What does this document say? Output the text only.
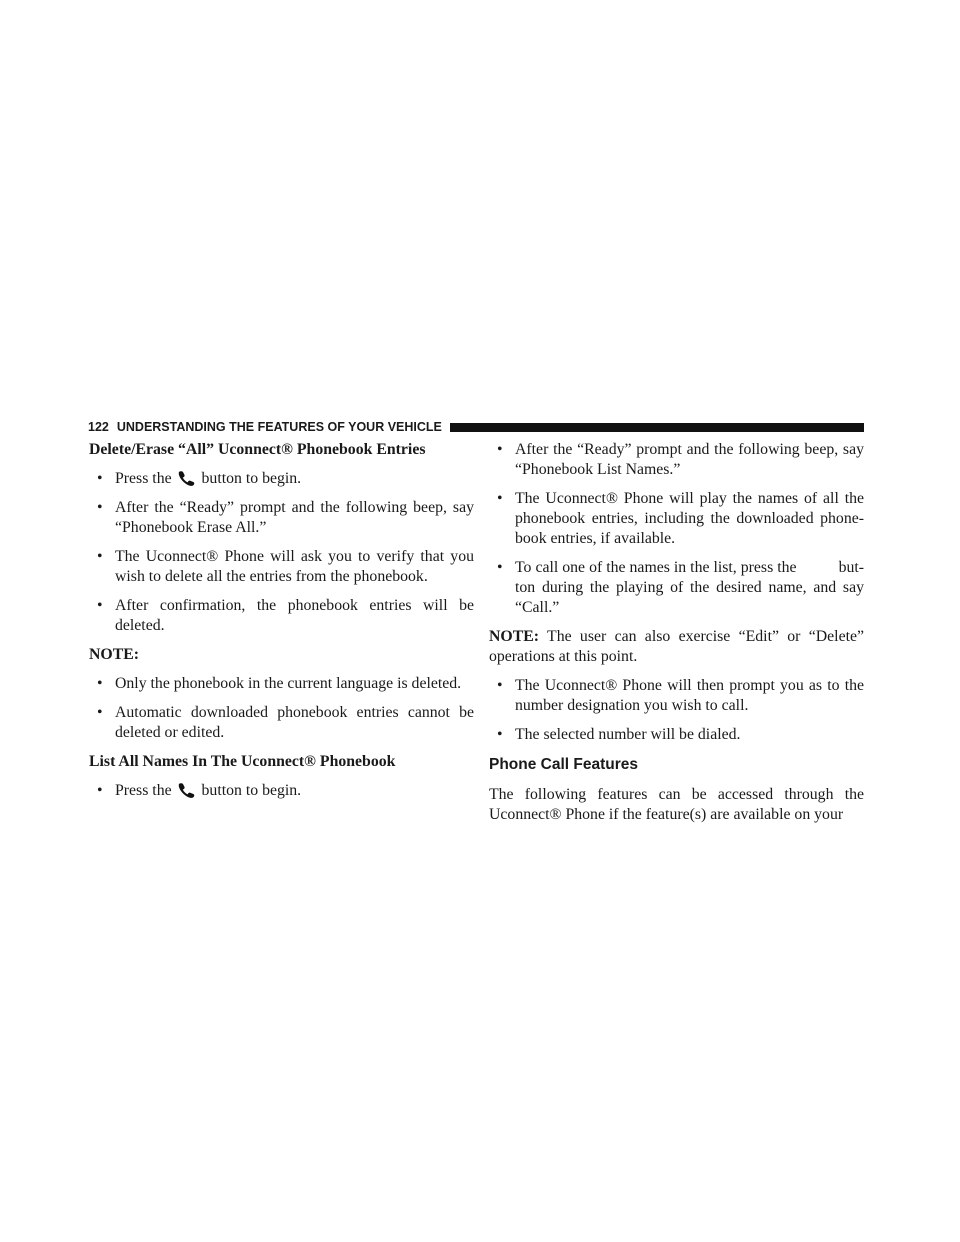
122 UNDERSTANDING THE FEATURES OF YOUR VEHICLE
Delete/Erase “All” Uconnect® Phonebook Entries
• Press the button to begin.
• After the “Ready” prompt and the following beep, say “Phonebook Erase All.”
• The Uconnect® Phone will ask you to verify that you wish to delete all the entries from the phonebook.
• After confirmation, the phonebook entries will be deleted.
NOTE:
• Only the phonebook in the current language is deleted.
• Automatic downloaded phonebook entries cannot be deleted or edited.
List All Names In The Uconnect® Phonebook
• Press the button to begin.
• After the “Ready” prompt and the following beep, say “Phonebook List Names.”
• The Uconnect® Phone will play the names of all the phonebook entries, including the downloaded phone-book entries, if available.
• To call one of the names in the list, press the	but-ton during the playing of the desired name, and say “Call.”
NOTE: The user can also exercise “Edit” or “Delete” operations at this point.
• The Uconnect® Phone will then prompt you as to the number designation you wish to call.
• The selected number will be dialed.
Phone Call Features
The following features can be accessed through the Uconnect® Phone if the feature(s) are available on your
